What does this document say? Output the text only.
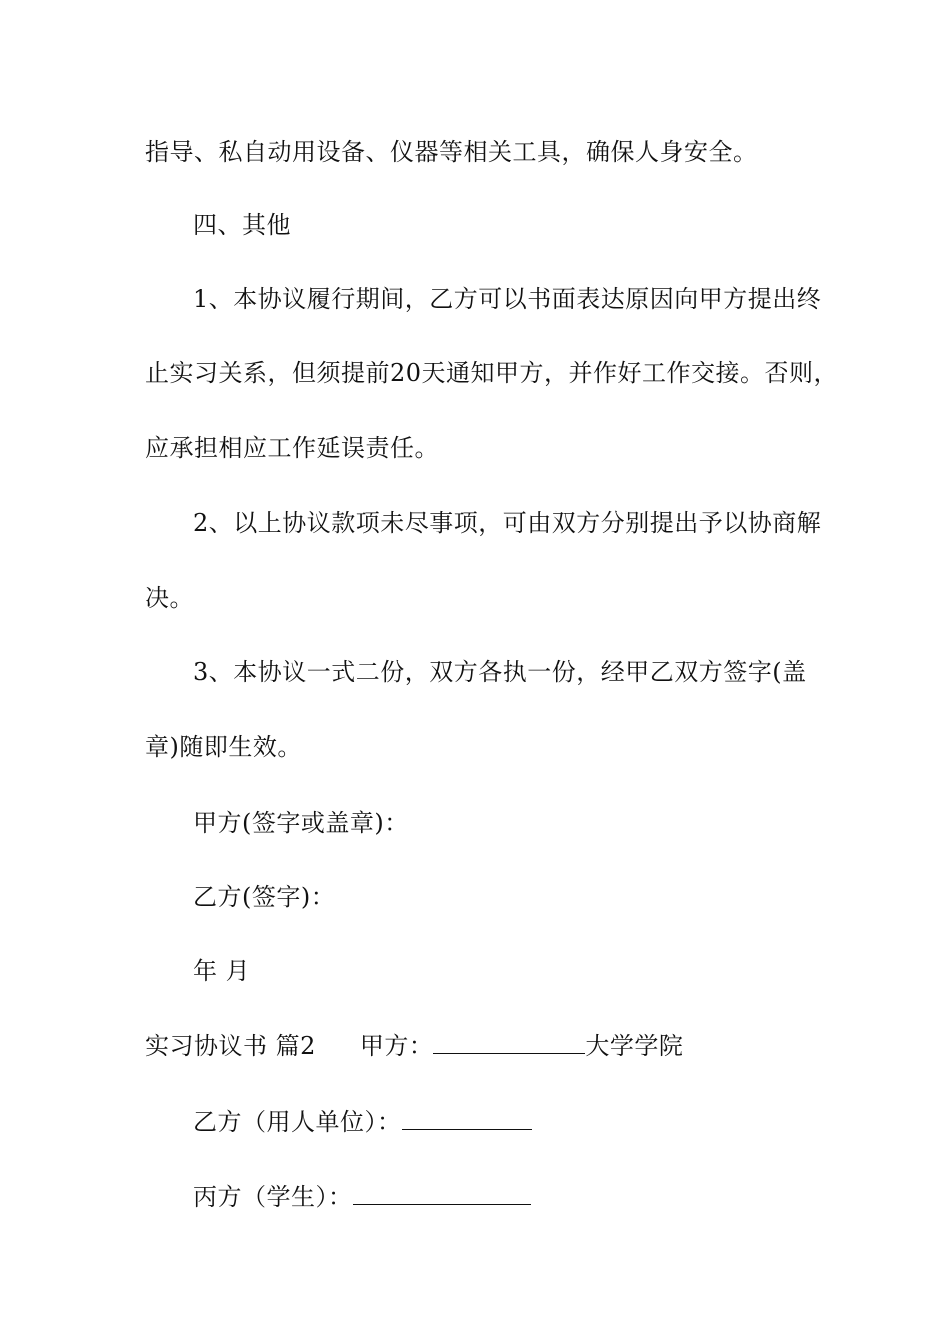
指导、私自动用设备、仪器等相关工具，确保人身安全。
四、其他
1、本协议履行期间，乙方可以书面表达原因向甲方提出终
止实习关系，但须提前20天通知甲方，并作好工作交接。否则，
应承担相应工作延误责任。
2、以上协议款项未尽事项，可由双方分别提出予以协商解
决。
3、本协议一式二份，双方各执一份，经甲乙双方签字(盖
章)随即生效。
甲方(签字或盖章)：
乙方(签字)：
年 月
实习协议书 篇2 甲方：	大学学院
乙方（用人单位）：
丙方（学生）：
